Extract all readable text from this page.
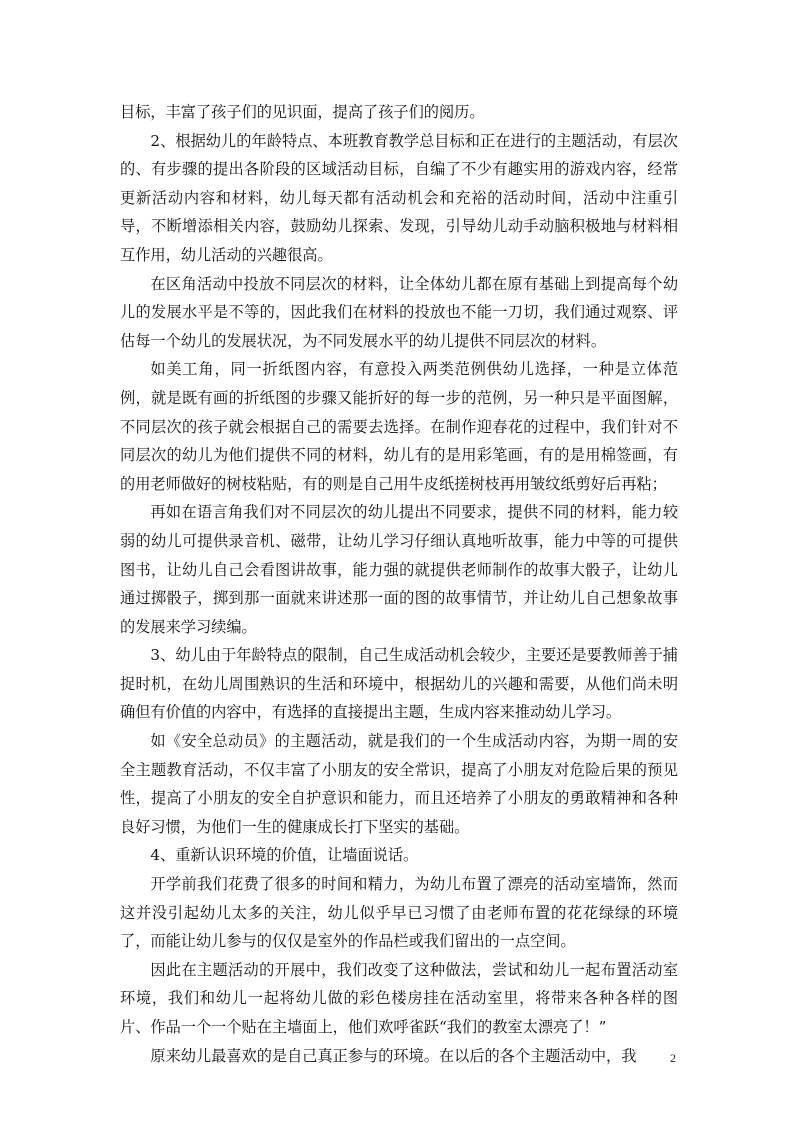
目标，丰富了孩子们的见识面，提高了孩子们的阅历。

2、根据幼儿的年龄特点、本班教育教学总目标和正在进行的主题活动，有层次的、有步骤的提出各阶段的区域活动目标，自编了不少有趣实用的游戏内容，经常更新活动内容和材料，幼儿每天都有活动机会和充裕的活动时间，活动中注重引导，不断增添相关内容，鼓励幼儿探索、发现，引导幼儿动手动脑积极地与材料相互作用，幼儿活动的兴趣很高。

在区角活动中投放不同层次的材料，让全体幼儿都在原有基础上到提高每个幼儿的发展水平是不等的，因此我们在材料的投放也不能一刀切，我们通过观察、评估每一个幼儿的发展状况，为不同发展水平的幼儿提供不同层次的材料。

如美工角，同一折纸图内容，有意投入两类范例供幼儿选择，一种是立体范例，就是既有画的折纸图的步骤又能折好的每一步的范例，另一种只是平面图解，不同层次的孩子就会根据自己的需要去选择。在制作迎春花的过程中，我们针对不同层次的幼儿为他们提供不同的材料，幼儿有的是用彩笔画，有的是用棉签画，有的用老师做好的树枝粘贴，有的则是自己用牛皮纸搓树枝再用皱纹纸剪好后再粘；

再如在语言角我们对不同层次的幼儿提出不同要求，提供不同的材料，能力较弱的幼儿可提供录音机、磁带，让幼儿学习仔细认真地听故事，能力中等的可提供图书，让幼儿自己会看图讲故事，能力强的就提供老师制作的故事大骰子，让幼儿通过掷骰子，掷到那一面就来讲述那一面的图的故事情节，并让幼儿自己想象故事的发展来学习续编。

3、幼儿由于年龄特点的限制，自己生成活动机会较少，主要还是要教师善于捕捉时机，在幼儿周围熟识的生活和环境中，根据幼儿的兴趣和需要，从他们尚未明确但有价值的内容中，有选择的直接提出主题，生成内容来推动幼儿学习。

如《安全总动员》的主题活动，就是我们的一个生成活动内容，为期一周的安全主题教育活动，不仅丰富了小朋友的安全常识，提高了小朋友对危险后果的预见性，提高了小朋友的安全自护意识和能力，而且还培养了小朋友的勇敢精神和各种良好习惯，为他们一生的健康成长打下坚实的基础。

4、重新认识环境的价值，让墙面说话。

开学前我们花费了很多的时间和精力，为幼儿布置了漂亮的活动室墙饰，然而这并没引起幼儿太多的关注，幼儿似乎早已习惯了由老师布置的花花绿绿的环境了，而能让幼儿参与的仅仅是室外的作品栏或我们留出的一点空间。

因此在主题活动的开展中，我们改变了这种做法，尝试和幼儿一起布置活动室环境，我们和幼儿一起将幼儿做的彩色楼房挂在活动室里，将带来各种各样的图片、作品一个一个贴在主墙面上，他们欢呼雀跃“我们的教室太漂亮了！”

原来幼儿最喜欢的是自己真正参与的环境。在以后的各个主题活动中，我	2
